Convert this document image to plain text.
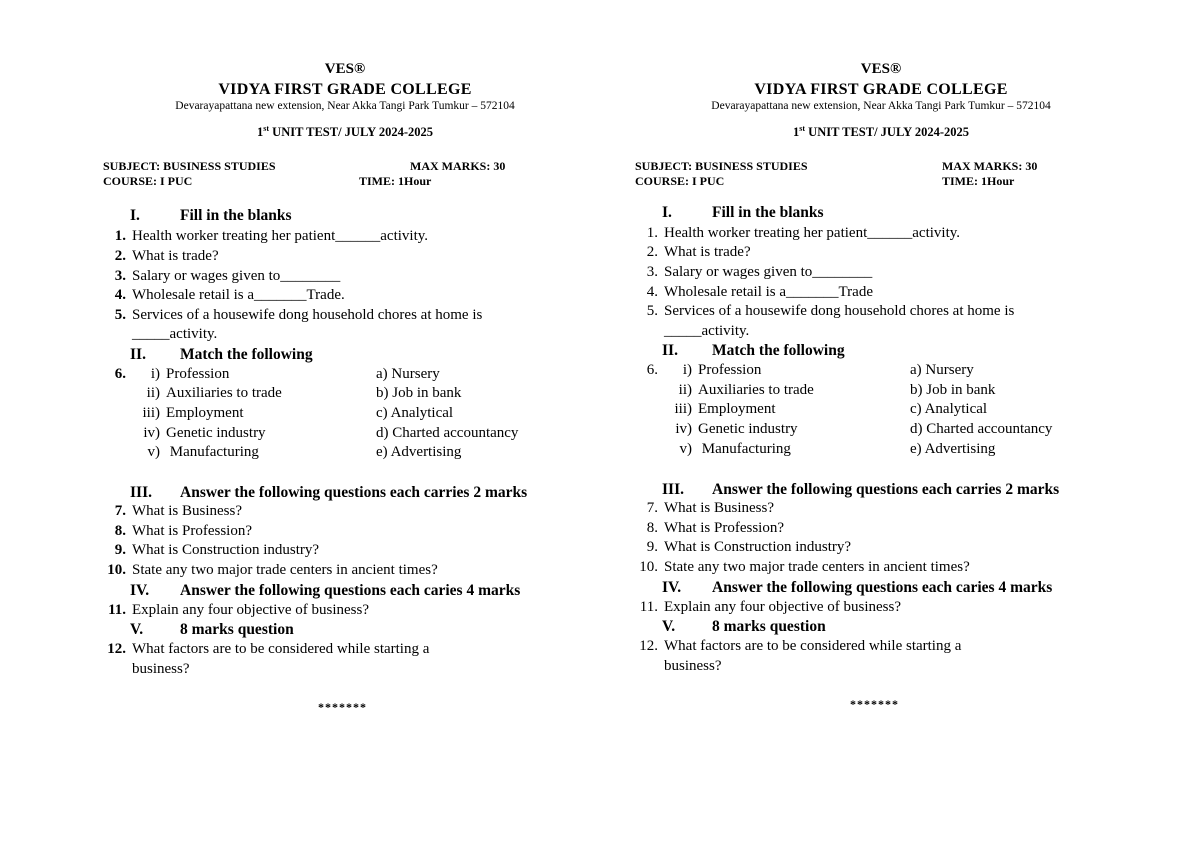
VES®
VIDYA FIRST GRADE COLLEGE
Devarayapattana new extension, Near Akka Tangi Park Tumkur – 572104
1st UNIT TEST/ JULY 2024-2025
SUBJECT: BUSINESS STUDIES	MAX MARKS: 30
COURSE: I PUC	TIME: 1Hour
I.	Fill in the blanks
1. Health worker treating her patient______activity.
2. What is trade?
3. Salary or wages given to________
4. Wholesale retail is a_______Trade.
5. Services of a housewife dong household chores at home is
_____activity.
II. Match the following
6.	i) Profession	a) Nursery
ii) Auxiliaries to trade	b) Job in bank
iii) Employment	c) Analytical
iv) Genetic industry	d) Charted accountancy
v) Manufacturing	e) Advertising
III. Answer the following questions each carries 2 marks
7. What is Business?
8. What is Profession?
9. What is Construction industry?
10. State any two major trade centers in ancient times?
IV. Answer the following questions each caries 4 marks
11. Explain any four objective of business?
V. 8 marks question
12. What factors are to be considered while starting a
business?
*******
VES®
VIDYA FIRST GRADE COLLEGE
Devarayapattana new extension, Near Akka Tangi Park Tumkur – 572104
1st UNIT TEST/ JULY 2024-2025
SUBJECT: BUSINESS STUDIES	MAX MARKS: 30
COURSE: I PUC	TIME: 1Hour
I.	Fill in the blanks
1. Health worker treating her patient______activity.
2. What is trade?
3. Salary or wages given to________
4. Wholesale retail is a_______Trade
5. Services of a housewife dong household chores at home is
_____activity.
II. Match the following
6.	i) Profession	a) Nursery
ii) Auxiliaries to trade	b) Job in bank
iii) Employment	c) Analytical
iv) Genetic industry	d) Charted accountancy
v) Manufacturing	e) Advertising
III. Answer the following questions each carries 2 marks
7. What is Business?
8. What is Profession?
9. What is Construction industry?
10. State any two major trade centers in ancient times?
IV. Answer the following questions each caries 4 marks
11. Explain any four objective of business?
V. 8 marks question
12. What factors are to be considered while starting a
business?
*******
